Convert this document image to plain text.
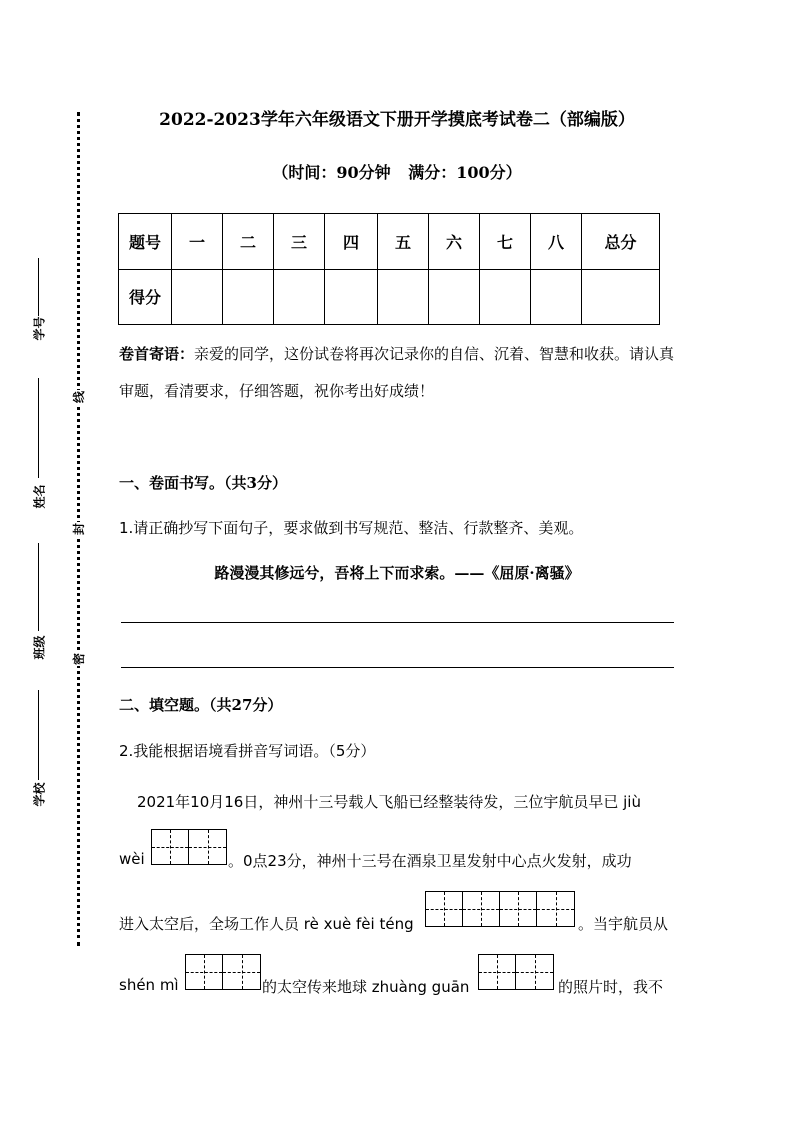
线
封
密
学号
姓名
班级
学校
2022-2023学年六年级语文下册开学摸底考试卷二（部编版）
（时间：90分钟 满分：100分）
题号	一	二	三	四	五	六	七	八	总分
得分									
卷首寄语：亲爱的同学，这份试卷将再次记录你的自信、沉着、智慧和收获。请认真审题，看清要求，仔细答题，祝你考出好成绩！
一、卷面书写。（共3分）
1.请正确抄写下面句子，要求做到书写规范、整洁、行款整齐、美观。
路漫漫其修远兮，吾将上下而求索。——《屈原·离骚》
二、填空题。（共27分）
2.我能根据语境看拼音写词语。（5分）
2021年10月16日，神州十三号载人飞船已经整装待发，三位宇航员早已 jiù
wèi	。0点23分，神州十三号在酒泉卫星发射中心点火发射，成功
进入太空后，全场工作人员 rè xuè fèi téng	。当宇航员从
shén mì	的太空传来地球 zhuàng guān	的照片时，我不
